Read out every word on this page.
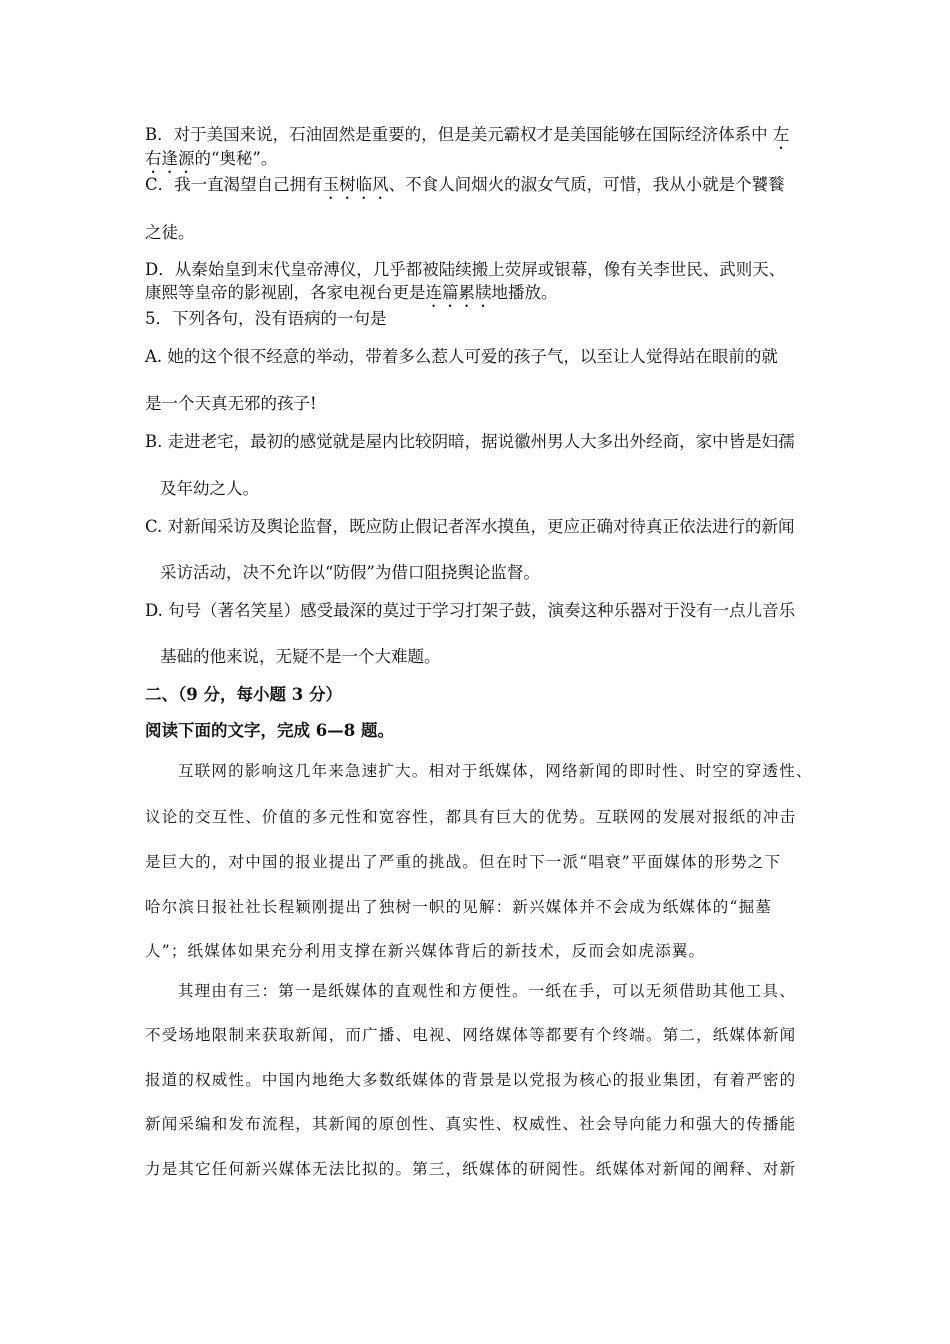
B．对于美国来说，石油固然是重要的，但是美元霸权才是美国能够在国际经济体系中 左
右逢源的“奥秘”。
C．我一直渴望自己拥有玉树临风、不食人间烟火的淑女气质，可惜，我从小就是个饕餮
之徒。
D．从秦始皇到末代皇帝溥仪，几乎都被陆续搬上荧屏或银幕，像有关李世民、武则天、
康熙等皇帝的影视剧，各家电视台更是连篇累牍地播放。
5．下列各句，没有语病的一句是
A. 她的这个很不经意的举动，带着多么惹人可爱的孩子气，以至让人觉得站在眼前的就
是一个天真无邪的孩子!
B. 走进老宅，最初的感觉就是屋内比较阴暗，据说徽州男人大多出外经商，家中皆是妇孺
及年幼之人。
C. 对新闻采访及舆论监督，既应防止假记者浑水摸鱼，更应正确对待真正依法进行的新闻
采访活动，决不允许以“防假”为借口阻挠舆论监督。
D. 句号（著名笑星）感受最深的莫过于学习打架子鼓，演奏这种乐器对于没有一点儿音乐
基础的他来说，无疑不是一个大难题。
二、（9 分，每小题 3 分）
阅读下面的文字，完成 6—8 题。
互联网的影响这几年来急速扩大。相对于纸媒体，网络新闻的即时性、时空的穿透性、
议论的交互性、价值的多元性和宽容性，都具有巨大的优势。互联网的发展对报纸的冲击
是巨大的，对中国的报业提出了严重的挑战。但在时下一派“唱衰”平面媒体的形势之下
哈尔滨日报社社长程颖刚提出了独树一帜的见解：新兴媒体并不会成为纸媒体的“掘墓
人”；纸媒体如果充分利用支撑在新兴媒体背后的新技术，反而会如虎添翼。
其理由有三：第一是纸媒体的直观性和方便性。一纸在手，可以无须借助其他工具、
不受场地限制来获取新闻，而广播、电视、网络媒体等都要有个终端。第二，纸媒体新闻
报道的权威性。中国内地绝大多数纸媒体的背景是以党报为核心的报业集团，有着严密的
新闻采编和发布流程，其新闻的原创性、真实性、权威性、社会导向能力和强大的传播能
力是其它任何新兴媒体无法比拟的。第三，纸媒体的研阅性。纸媒体对新闻的阐释、对新
